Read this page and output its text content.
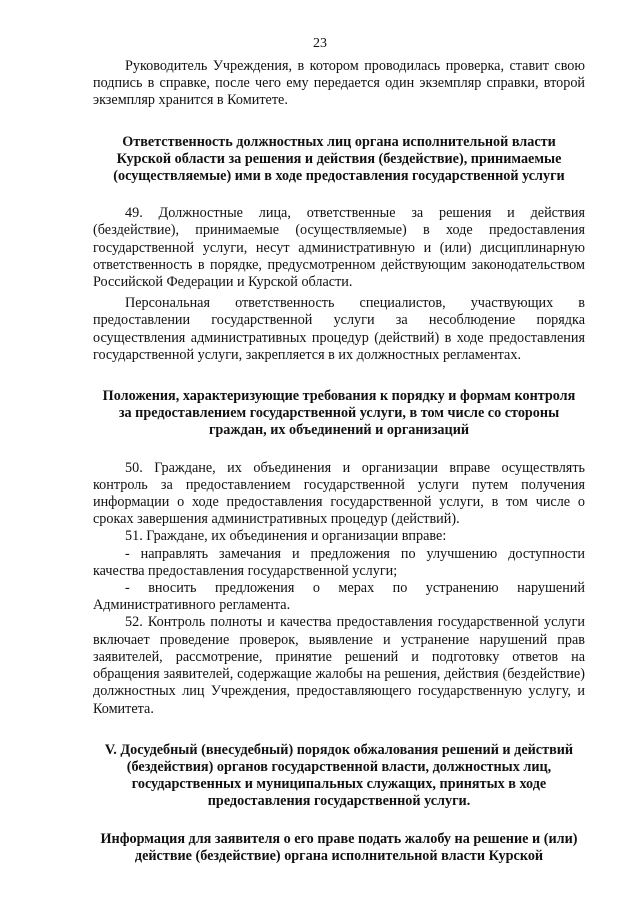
23

Руководитель Учреждения, в котором проводилась проверка, ставит свою подпись в справке, после чего ему передается один экземпляр справки, второй экземпляр хранится в Комитете.

Ответственность должностных лиц органа исполнительной власти Курской области за решения и действия (бездействие), принимаемые (осуществляемые) ими в ходе предоставления государственной услуги

49. Должностные лица, ответственные за решения и действия (бездействие), принимаемые (осуществляемые) в ходе предоставления государственной услуги, несут административную и (или) дисциплинарную ответственность в порядке, предусмотренном действующим законодательством Российской Федерации и Курской области.

Персональная ответственность специалистов, участвующих в предоставлении государственной услуги за несоблюдение порядка осуществления административных процедур (действий) в ходе предоставления государственной услуги, закрепляется в их должностных регламентах.

Положения, характеризующие требования к порядку и формам контроля за предоставлением государственной услуги, в том числе со стороны граждан, их объединений и организаций

50. Граждане, их объединения и организации вправе осуществлять контроль за предоставлением государственной услуги путем получения информации о ходе предоставления государственной услуги, в том числе о сроках завершения административных процедур (действий).

51. Граждане, их объединения и организации вправе:

- направлять замечания и предложения по улучшению доступности качества предоставления государственной услуги;

- вносить предложения о мерах по устранению нарушений Административного регламента.

52. Контроль полноты и качества предоставления государственной услуги включает проведение проверок, выявление и устранение нарушений прав заявителей, рассмотрение, принятие решений и подготовку ответов на обращения заявителей, содержащие жалобы на решения, действия (бездействие) должностных лиц Учреждения, предоставляющего государственную услугу, и Комитета.

V. Досудебный (внесудебный) порядок обжалования решений и действий (бездействия) органов государственной власти, должностных лиц, государственных и муниципальных служащих, принятых в ходе предоставления государственной услуги.

Информация для заявителя о его праве подать жалобу на решение и (или) действие (бездействие) органа исполнительной власти Курской
